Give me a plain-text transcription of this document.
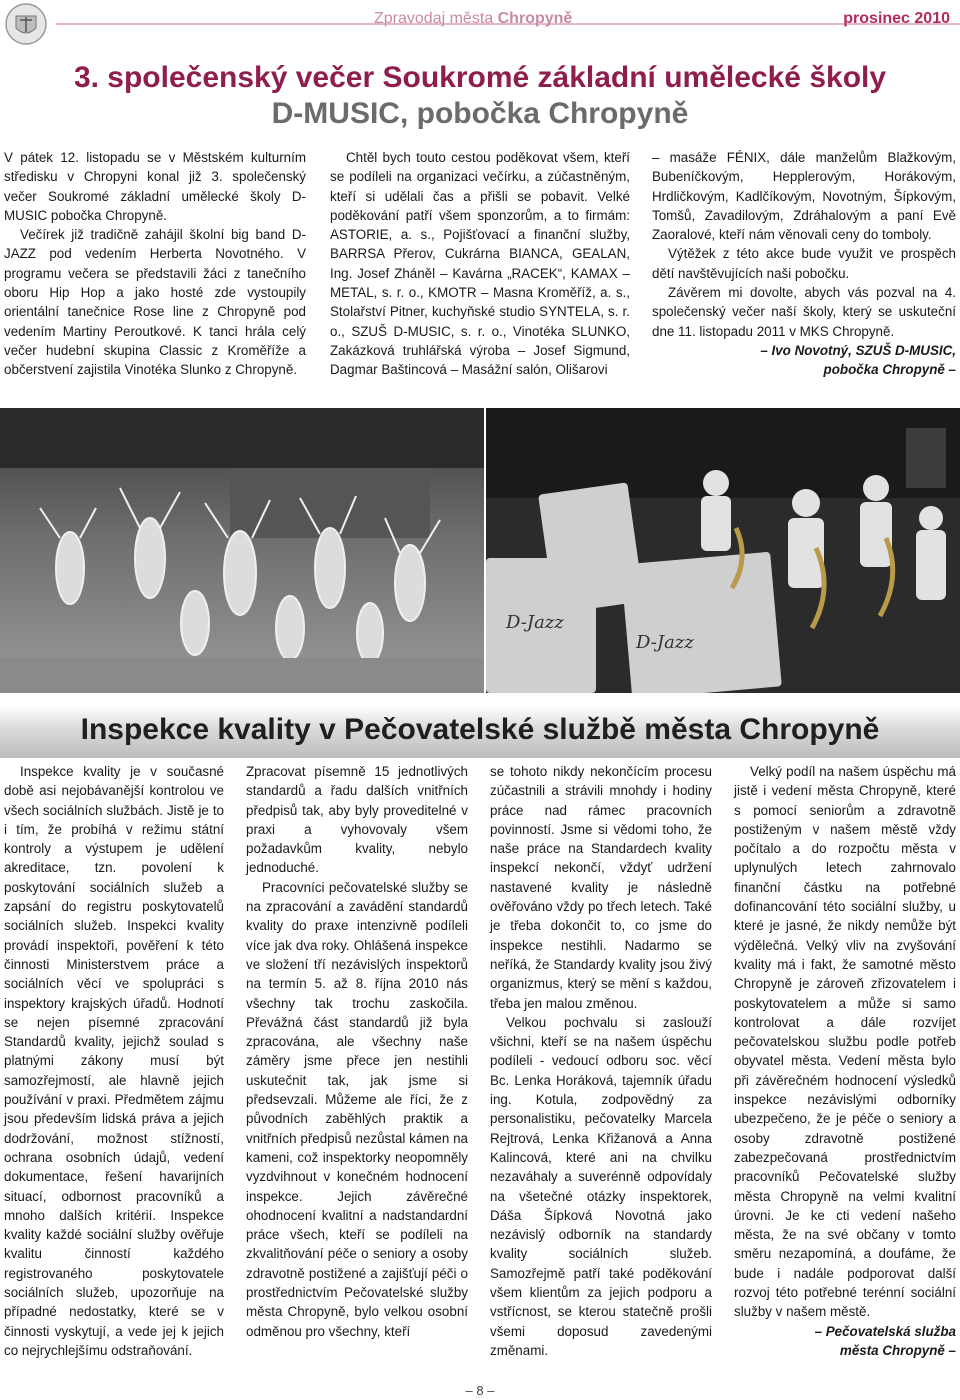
Zpravodaj města Chropyně	prosinec 2010
3. společenský večer Soukromé základní umělecké školy
D-MUSIC, pobočka Chropyně

V pátek 12. listopadu se v Městském kulturním středisku v Chropyni konal již 3. společenský večer Soukromé základní umělecké školy D-MUSIC pobočka Chropyně.

Večírek již tradičně zahájil školní big band D-JAZZ pod vedením Herberta Novotného. V programu večera se představili žáci z tanečního oboru Hip Hop a jako hosté zde vystoupily orientální tanečnice Rose line z Chropyně pod vedením Martiny Peroutkové. K tanci hrála celý večer hudební skupina Classic z Kroměříže a občerstvení zajistila Vinotéka Slunko z Chropyně.

Chtěl bych touto cestou poděkovat všem, kteří se podíleli na organizaci večírku, a zúčastněným, kteří si udělali čas a přišli se pobavit. Velké poděkování patří všem sponzorům, a to firmám: ASTORIE, a. s., Pojišťovací a finanční služby, BARRSA Přerov, Cukrárna BIANCA, GEALAN, Ing. Josef Zháněl – Kavárna „RACEK“, KAMAX – METAL, s. r. o., KMOTR – Masna Kroměříž, a. s., Stolařství Pitner, kuchyňské studio SYNTELA, s. r. o., SZUŠ D-MUSIC, s. r. o., Vinotéka SLUNKO, Zakázková truhlářská výroba – Josef Sigmund, Dagmar Baštincová – Masážní salón, Olišarovi

– masáže FÉNIX, dále manželům Blažkovým, Bubeníčkovým, Hepplerovým, Horákovým, Hrdličkovým, Kadlčíkovým, Novotným, Šípkovým, Tomšů, Zavadilovým, Zdráhalovým a paní Evě Zaoralové, kteří nám věnovali ceny do tomboly.

Výtěžek z této akce bude využit ve prospěch dětí navštěvujících naši pobočku.

Závěrem mi dovolte, abych vás pozval na 4. společenský večer naší školy, který se uskuteční dne 11. listopadu 2011 v MKS Chropyně.

– Ivo Novotný, SZUŠ D-MUSIC,

pobočka Chropyně –

D-Jazz
D-Jazz
Inspekce kvality v Pečovatelské službě města Chropyně

Inspekce kvality je v současné době asi nejobávanější kontrolou ve všech sociálních službách. Jistě je to i tím, že probíhá v režimu státní kontroly a výstupem je udělení akreditace, tzn. povolení k poskytování sociálních služeb a zapsání do registru poskytovatelů sociálních služeb. Inspekci kvality provádí inspektoři, pověření k této činnosti Ministerstvem práce a sociálních věcí ve spolupráci s inspektory krajských úřadů. Hodnotí se nejen písemné zpracování Standardů kvality, jejichž soulad s platnými zákony musí být samozřejmostí, ale hlavně jejich používání v praxi. Předmětem zájmu jsou především lidská práva a jejich dodržování, možnost stížností, ochrana osobních údajů, vedení dokumentace, řešení havarijních situací, odbornost pracovníků a mnoho dalších kritérií. Inspekce kvality každé sociální služby ověřuje kvalitu činností každého registrovaného poskytovatele sociálních služeb, upozorňuje na případné nedostatky, které se v činnosti vyskytují, a vede jej k jejich co nejrychlejšímu odstraňování.

Zpracovat písemně 15 jednotlivých standardů a řadu dalších vnitřních předpisů tak, aby byly proveditelné v praxi a vyhovovaly všem požadavkům kvality, nebylo jednoduché.

Pracovníci pečovatelské služby se na zpracování a zavádění standardů kvality do praxe intenzivně podíleli více jak dva roky. Ohlášená inspekce ve složení tří nezávislých inspektorů na termín 5. až 8. října 2010 nás všechny tak trochu zaskočila. Převážná část standardů již byla zpracována, ale všechny naše záměry jsme přece jen nestihli uskutečnit tak, jak jsme si předsevzali. Můžeme ale říci, že z původních zaběhlých praktik a vnitřních předpisů nezůstal kámen na kameni, což inspektorky neopomněly vyzdvihnout v konečném hodnocení inspekce. Jejich závěrečné ohodnocení kvalitní a nadstandardní práce všech, kteří se podíleli na zkvalitňování péče o seniory a osoby zdravotně postižené a zajišťují péči o prostřednictvím Pečovatelské služby města Chropyně, bylo velkou osobní odměnou pro všechny, kteří

se tohoto nikdy nekončícím procesu zúčastnili a strávili mnohdy i hodiny práce nad rámec pracovních povinností. Jsme si vědomi toho, že naše práce na Standardech kvality inspekcí nekončí, vždyť udržení nastavené kvality je následně ověřováno vždy po třech letech. Také je třeba dokončit to, co jsme do inspekce nestihli. Nadarmo se neříká, že Standardy kvality jsou živý organizmus, který se mění s každou, třeba jen malou změnou.

Velkou pochvalu si zaslouží všichni, kteří se na našem úspěchu podíleli - vedoucí odboru soc. věcí Bc. Lenka Horáková, tajemník úřadu ing. Kotula, zodpovědný za personalistiku, pečovatelky Marcela Rejtrová, Lenka Křižanová a Anna Kalincová, které ani na chvilku nezaváhaly a suverénně odpovídaly na všetečné otázky inspektorek, Dáša Šípková Novotná jako nezávislý odborník na standardy kvality sociálních služeb. Samozřejmě patří také poděkování všem klientům za jejich podporu a vstřícnost, se kterou statečně prošli všemi doposud zavedenými změnami.

Velký podíl na našem úspěchu má jistě i vedení města Chropyně, které s pomocí seniorům a zdravotně postiženým v našem městě vždy počítalo a do rozpočtu města v uplynulých letech zahrnovalo finanční částku na potřebné dofinancování této sociální služby, u které je jasné, že nikdy nemůže být výdělečná. Velký vliv na zvyšování kvality má i fakt, že samotné město Chropyně je zároveň zřizovatelem i poskytovatelem a může si samo kontrolovat a dále rozvíjet pečovatelskou službu podle potřeb obyvatel města. Vedení města bylo při závěrečném hodnocení výsledků inspekce nezávislými odborníky ubezpečeno, že je péče o seniory a osoby zdravotně postižené zabezpečovaná prostřednictvím pracovníků Pečovatelské služby města Chropyně na velmi kvalitní úrovni. Je ke cti vedení našeho města, že na své občany v tomto směru nezapomíná, a doufáme, že bude i nadále podporovat další rozvoj této potřebné terénní sociální služby v našem městě.

– Pečovatelská služba

města Chropyně –

– 8 –
